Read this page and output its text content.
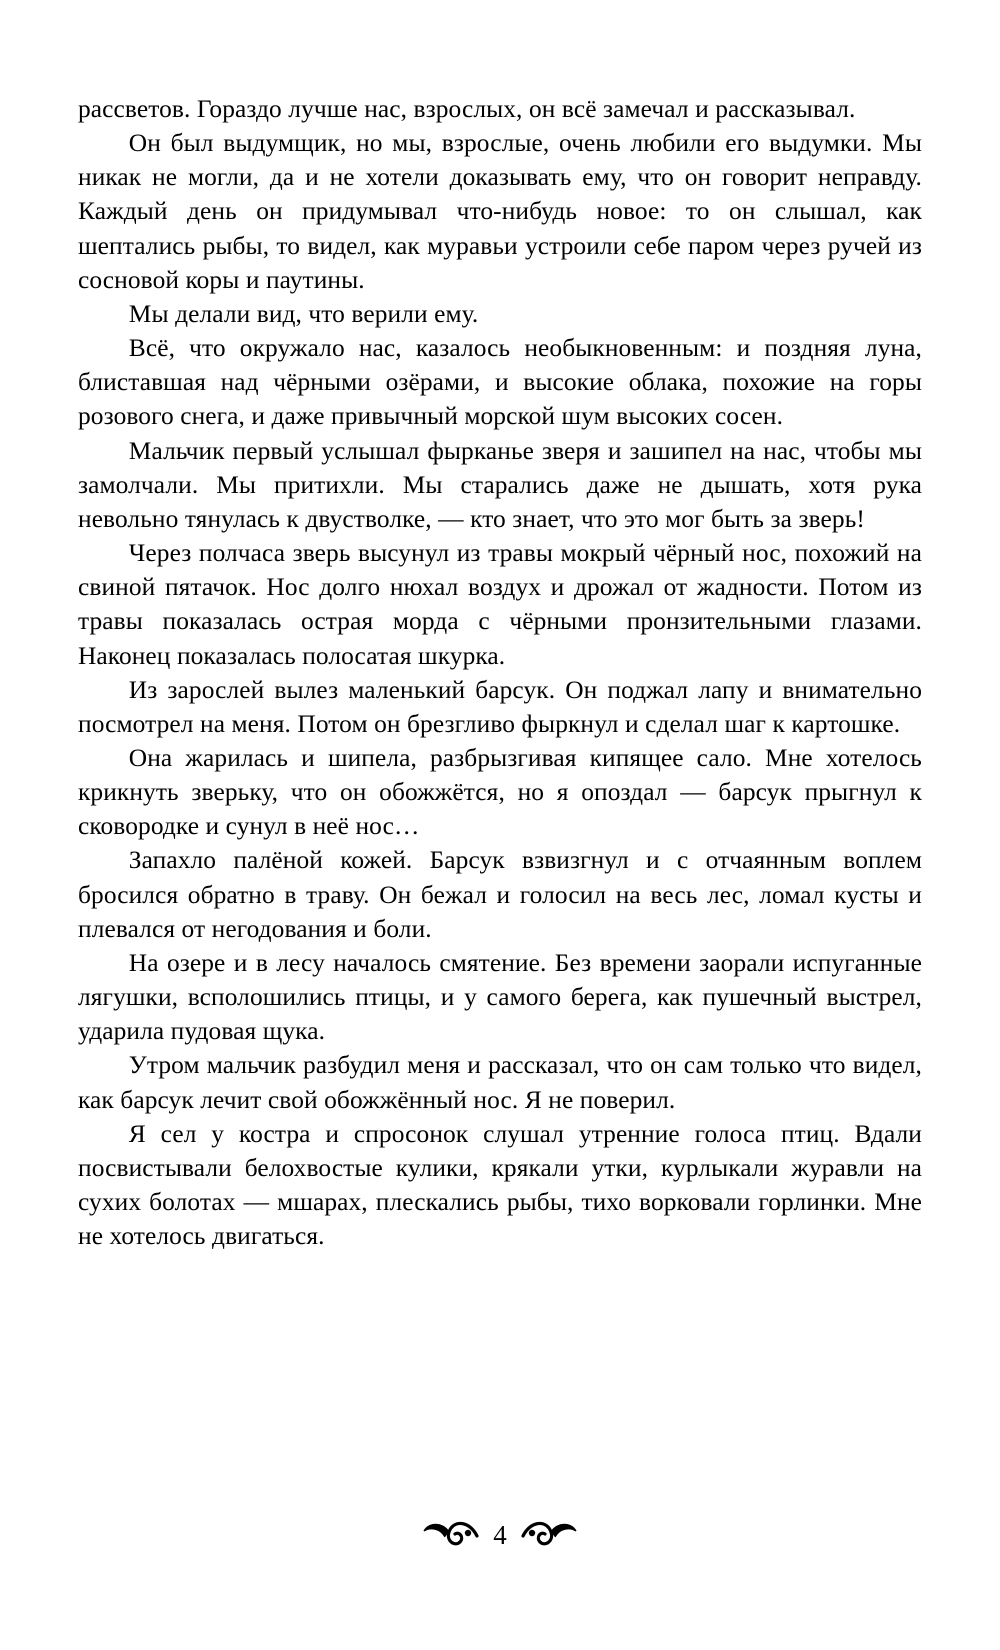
рассветов. Гораздо лучше нас, взрослых, он всё замечал и рассказывал.

Он был выдумщик, но мы, взрослые, очень любили его выдумки. Мы никак не могли, да и не хотели доказывать ему, что он говорит неправду. Каждый день он придумывал что-нибудь новое: то он слышал, как шептались рыбы, то видел, как муравьи устроили себе паром через ручей из сосновой коры и паутины.

Мы делали вид, что верили ему.

Всё, что окружало нас, казалось необыкновенным: и поздняя луна, блиставшая над чёрными озёрами, и высокие облака, похожие на горы розового снега, и даже привычный морской шум высоких сосен.

Мальчик первый услышал фырканье зверя и зашипел на нас, чтобы мы замолчали. Мы притихли. Мы старались даже не дышать, хотя рука невольно тянулась к двустволке, — кто знает, что это мог быть за зверь!

Через полчаса зверь высунул из травы мокрый чёрный нос, похожий на свиной пятачок. Нос долго нюхал воздух и дрожал от жадности. Потом из травы показалась острая морда с чёрными пронзительными глазами. Наконец показалась полосатая шкурка.

Из зарослей вылез маленький барсук. Он поджал лапу и внимательно посмотрел на меня. Потом он брезгливо фыркнул и сделал шаг к картошке.

Она жарилась и шипела, разбрызгивая кипящее сало. Мне хотелось крикнуть зверьку, что он обожжётся, но я опоздал — барсук прыгнул к сковородке и сунул в неё нос…

Запахло палёной кожей. Барсук взвизгнул и с отчаянным воплем бросился обратно в траву. Он бежал и голосил на весь лес, ломал кусты и плевался от негодования и боли.

На озере и в лесу началось смятение. Без времени заорали испуганные лягушки, всполошились птицы, и у самого берега, как пушечный выстрел, ударила пудовая щука.

Утром мальчик разбудил меня и рассказал, что он сам только что видел, как барсук лечит свой обожжённый нос. Я не поверил.

Я сел у костра и спросонок слушал утренние голоса птиц. Вдали посвистывали белохвостые кулики, крякали утки, курлыкали журавли на сухих болотах — мшарах, плескались рыбы, тихо ворковали горлинки. Мне не хотелось двигаться.

4
